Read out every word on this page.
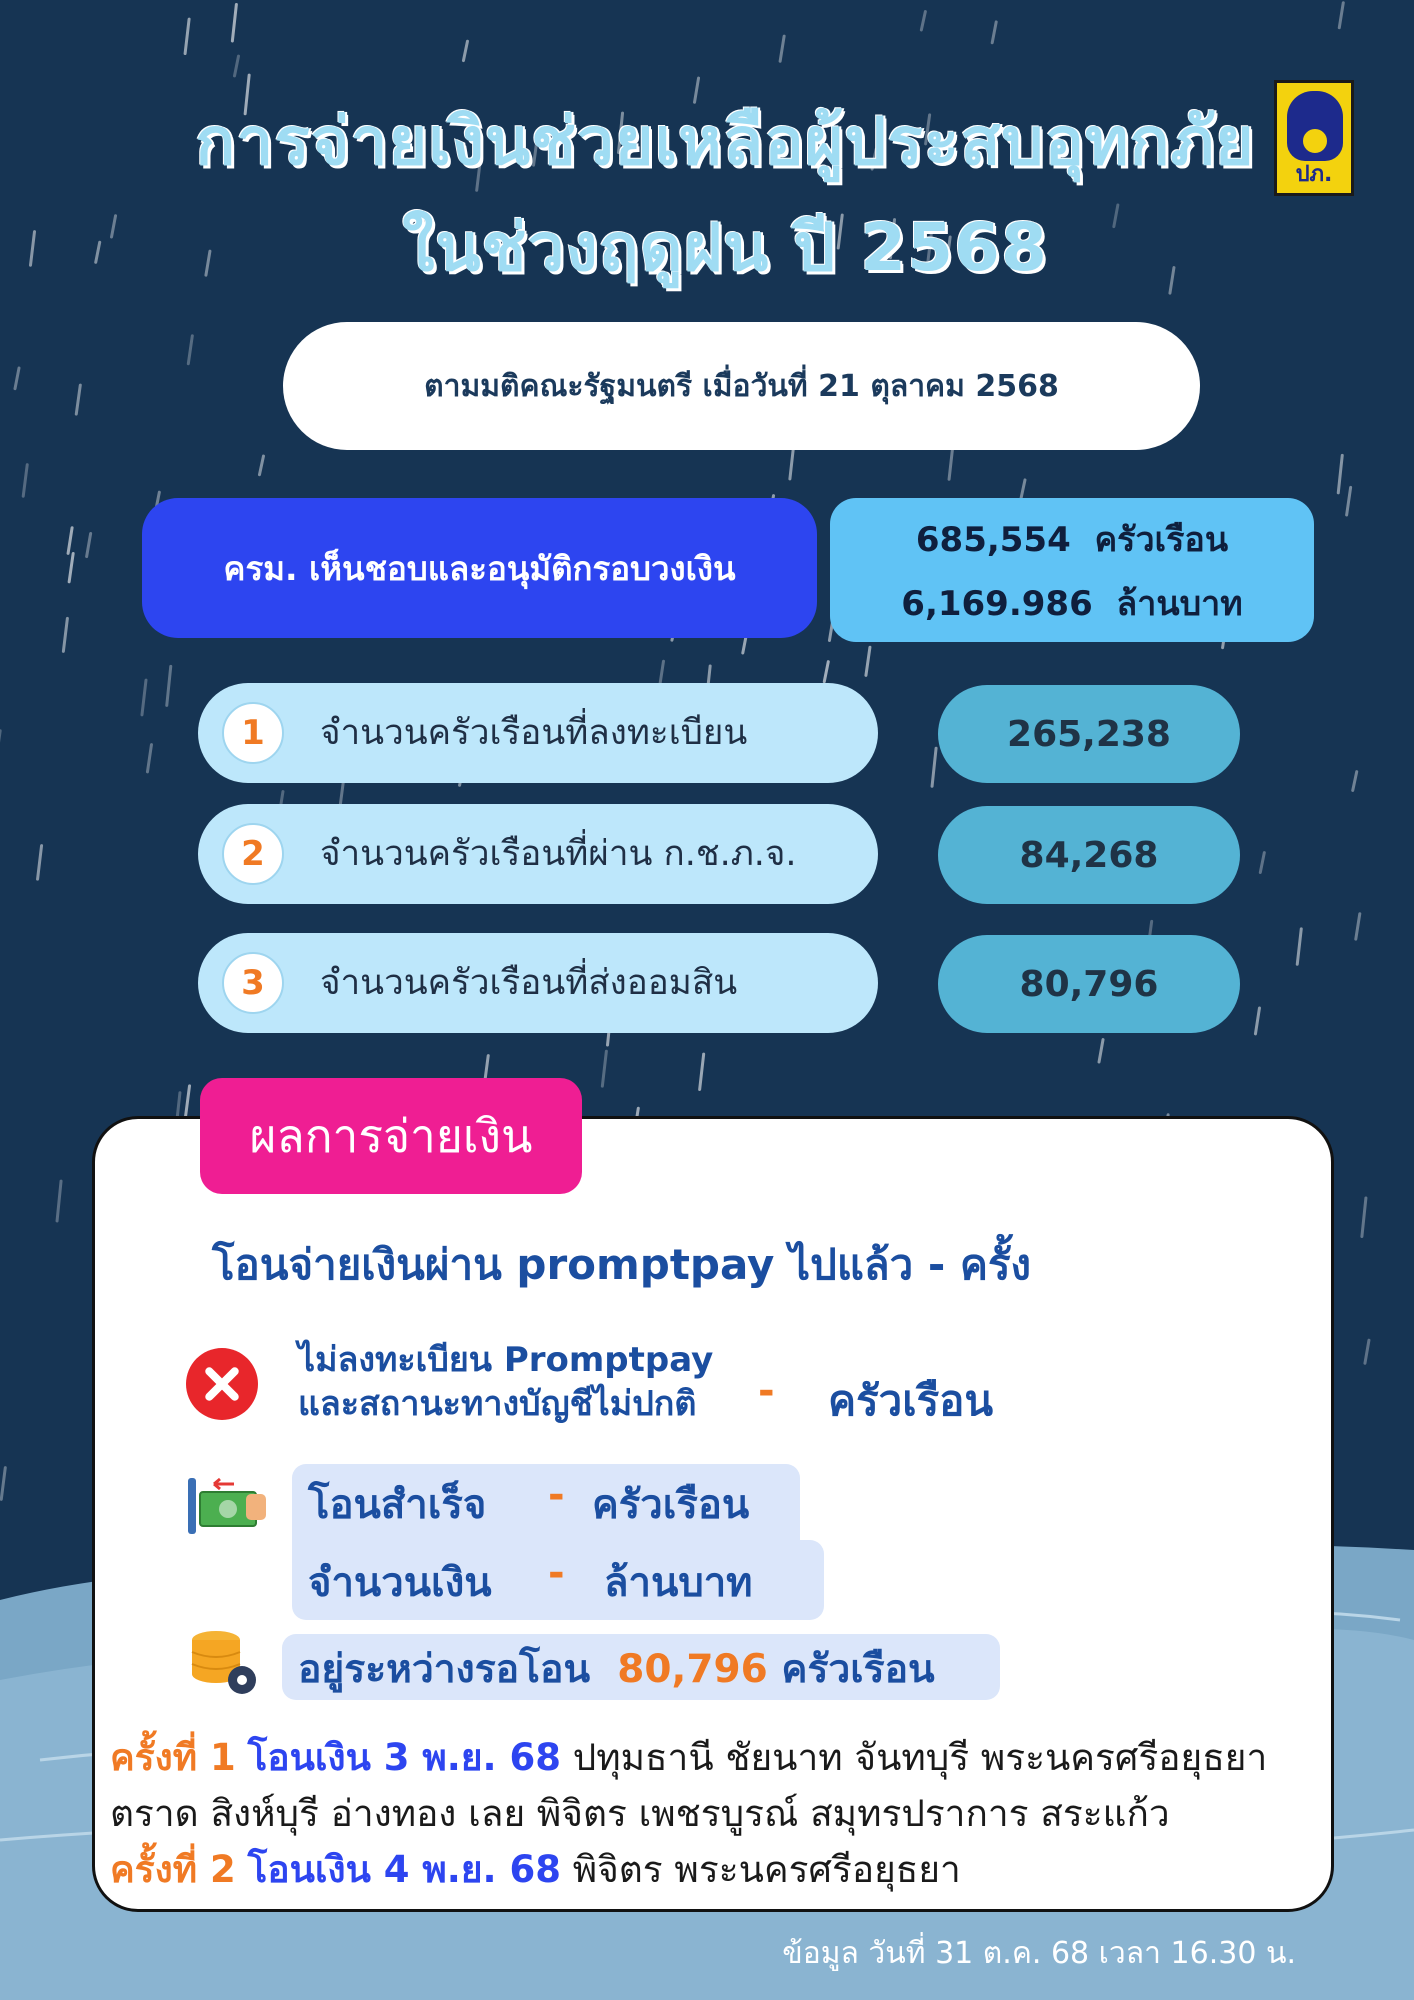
การจ่ายเงินช่วยเหลือผู้ประสบอุทกภัย
ในช่วงฤดูฝน ปี 2568
ปภ.
ตามมติคณะรัฐมนตรี เมื่อวันที่ 21 ตุลาคม 2568
ครม. เห็นชอบและอนุมัติกรอบวงเงิน
685,554 ครัวเรือน
6,169.986 ล้านบาท
1	จำนวนครัวเรือนที่ลงทะเบียน	265,238
2	จำนวนครัวเรือนที่ผ่าน ก.ช.ภ.จ.	84,268
3	จำนวนครัวเรือนที่ส่งออมสิน	80,796
ผลการจ่ายเงิน
โอนจ่ายเงินผ่าน promptpay ไปแล้ว - ครั้ง
ไม่ลงทะเบียน Promptpay
และสถานะทางบัญชีไม่ปกติ	- ครัวเรือน
โอนสำเร็จ - ครัวเรือน
จำนวนเงิน - ล้านบาท
อยู่ระหว่างรอโอน 80,796 ครัวเรือน
ครั้งที่ 1 โอนเงิน 3 พ.ย. 68 ปทุมธานี ชัยนาท จันทบุรี พระนครศรีอยุธยา
ตราด สิงห์บุรี อ่างทอง เลย พิจิตร เพชรบูรณ์ สมุทรปราการ สระแก้ว
ครั้งที่ 2 โอนเงิน 4 พ.ย. 68 พิจิตร พระนครศรีอยุธยา
ข้อมูล วันที่ 31 ต.ค. 68 เวลา 16.30 น.
